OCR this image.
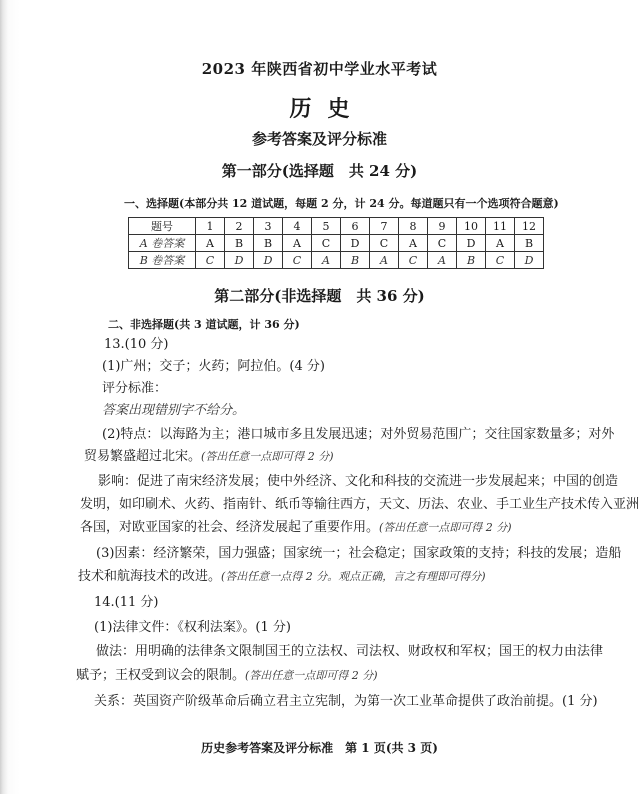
2023 年陕西省初中学业水平考试
历史
参考答案及评分标准
第一部分(选择题　共 24 分)
一、选择题(本部分共 12 道试题，每题 2 分，计 24 分。每道题只有一个选项符合题意)
题号	1	2	3	4	5	6	7	8	9	10	11	12
A 卷答案	A	B	B	A	C	D	C	A	C	D	A	B
B 卷答案	C	D	D	C	A	B	A	C	A	B	C	D
第二部分(非选择题　共 36 分)
二、非选择题(共 3 道试题，计 36 分)
13.(10 分)
(1)广州；交子；火药；阿拉伯。(4 分)
评分标准：
答案出现错别字不给分。
(2)特点：以海路为主；港口城市多且发展迅速；对外贸易范围广；交往国家数量多；对外
贸易繁盛超过北宋。(答出任意一点即可得 2 分)
影响：促进了南宋经济发展；使中外经济、文化和科技的交流进一步发展起来；中国的创造
发明，如印刷术、火药、指南针、纸币等输往西方，天文、历法、农业、手工业生产技术传入亚洲
各国，对欧亚国家的社会、经济发展起了重要作用。(答出任意一点即可得 2 分)
(3)因素：经济繁荣，国力强盛；国家统一；社会稳定；国家政策的支持；科技的发展；造船
技术和航海技术的改进。(答出任意一点得 2 分。观点正确，言之有理即可得分)
14.(11 分)
(1)法律文件：《权利法案》。(1 分)
做法：用明确的法律条文限制国王的立法权、司法权、财政权和军权；国王的权力由法律
赋予；王权受到议会的限制。(答出任意一点即可得 2 分)
关系：英国资产阶级革命后确立君主立宪制，为第一次工业革命提供了政治前提。(1 分)
历史参考答案及评分标准　第 1 页(共 3 页)
